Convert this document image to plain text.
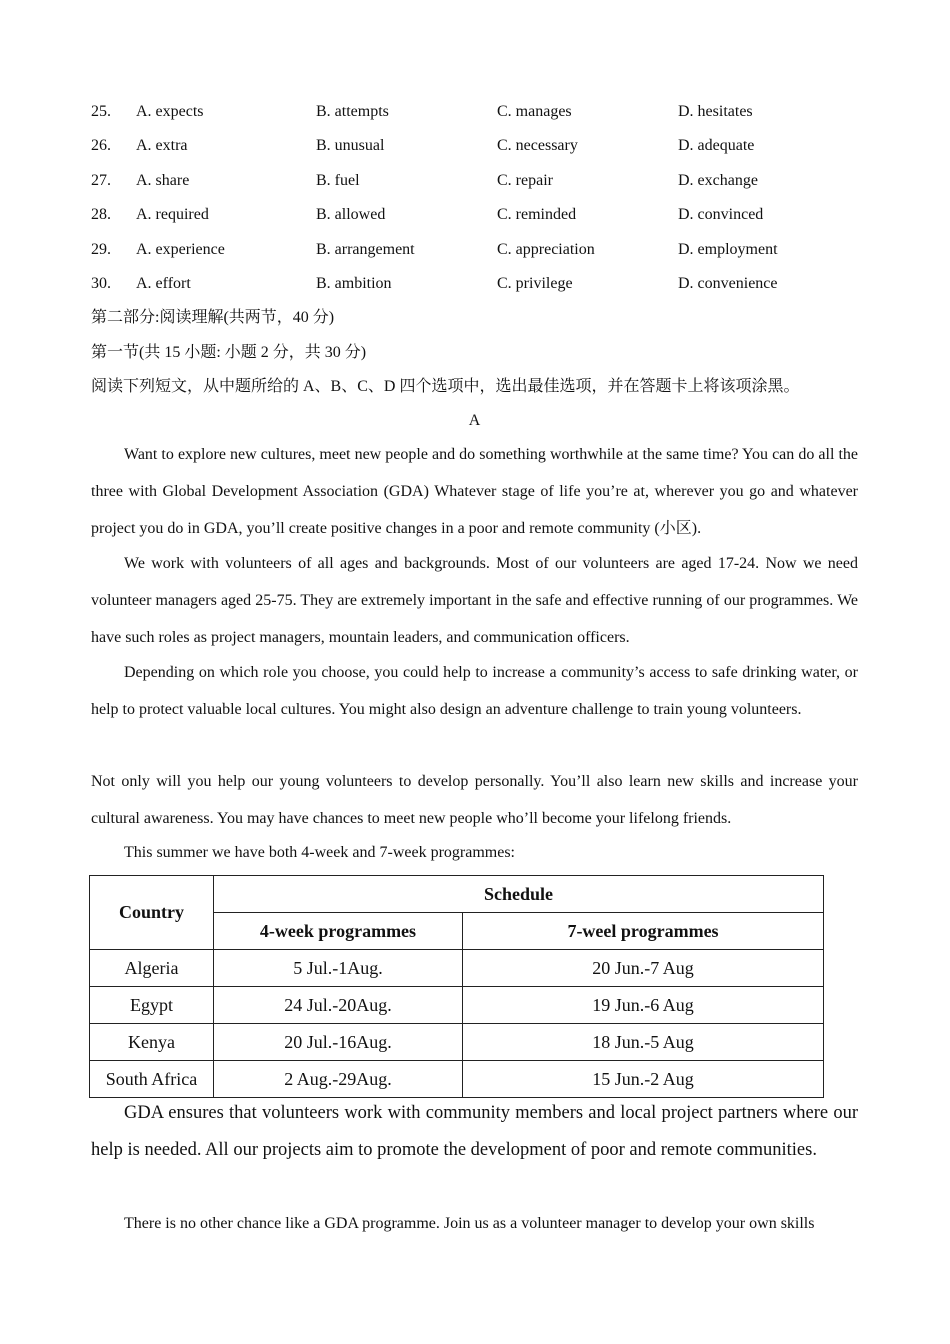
25. A. expects	B. attempts	C. manages	D. hesitates
26. A. extra	B. unusual	C. necessary	D. adequate
27. A. share	B. fuel	C. repair	D. exchange
28. A. required	B. allowed	C. reminded	D. convinced
29. A. experience	B. arrangement	C. appreciation	D. employment
30. A. effort	B. ambition	C. privilege	D. convenience
第二部分:阅读理解(共两节，40 分)
第一节(共 15 小题: 小题 2 分，共 30 分)
阅读下列短文，从中题所给的 A、B、C、D 四个选项中，选出最佳选项，并在答题卡上将该项涂黑。
A

Want to explore new cultures, meet new people and do something worthwhile at the same time? You can do all the three with Global Development Association (GDA) Whatever stage of life you’re at, wherever you go and whatever project you do in GDA, you’ll create positive changes in a poor and remote community (小区).

We work with volunteers of all ages and backgrounds. Most of our volunteers are aged 17-24. Now we need volunteer managers aged 25-75. They are extremely important in the safe and effective running of our programmes. We have such roles as project managers, mountain leaders, and communication officers.

Depending on which role you choose, you could help to increase a community’s access to safe drinking water, or help to protect valuable local cultures. You might also design an adventure challenge to train young volunteers.

Not only will you help our young volunteers to develop personally. You’ll also learn new skills and increase your cultural awareness. You may have chances to meet new people who’ll become your lifelong friends.

This summer we have both 4-week and 7-week programmes:

GDA ensures that volunteers work with community members and local project partners where our help is needed. All our projects aim to promote the development of poor and remote communities.

There is no other chance like a GDA programme. Join us as a volunteer manager to develop your own skills

Country	Schedule	
	4-week programmes	7-weel programmes
Algeria	5 Jul.-1Aug.	20 Jun.-7 Aug
Egypt	24 Jul.-20Aug.	19 Jun.-6 Aug
Kenya	20 Jul.-16Aug.	18 Jun.-5 Aug
South Africa	2 Aug.-29Aug.	15 Jun.-2 Aug
